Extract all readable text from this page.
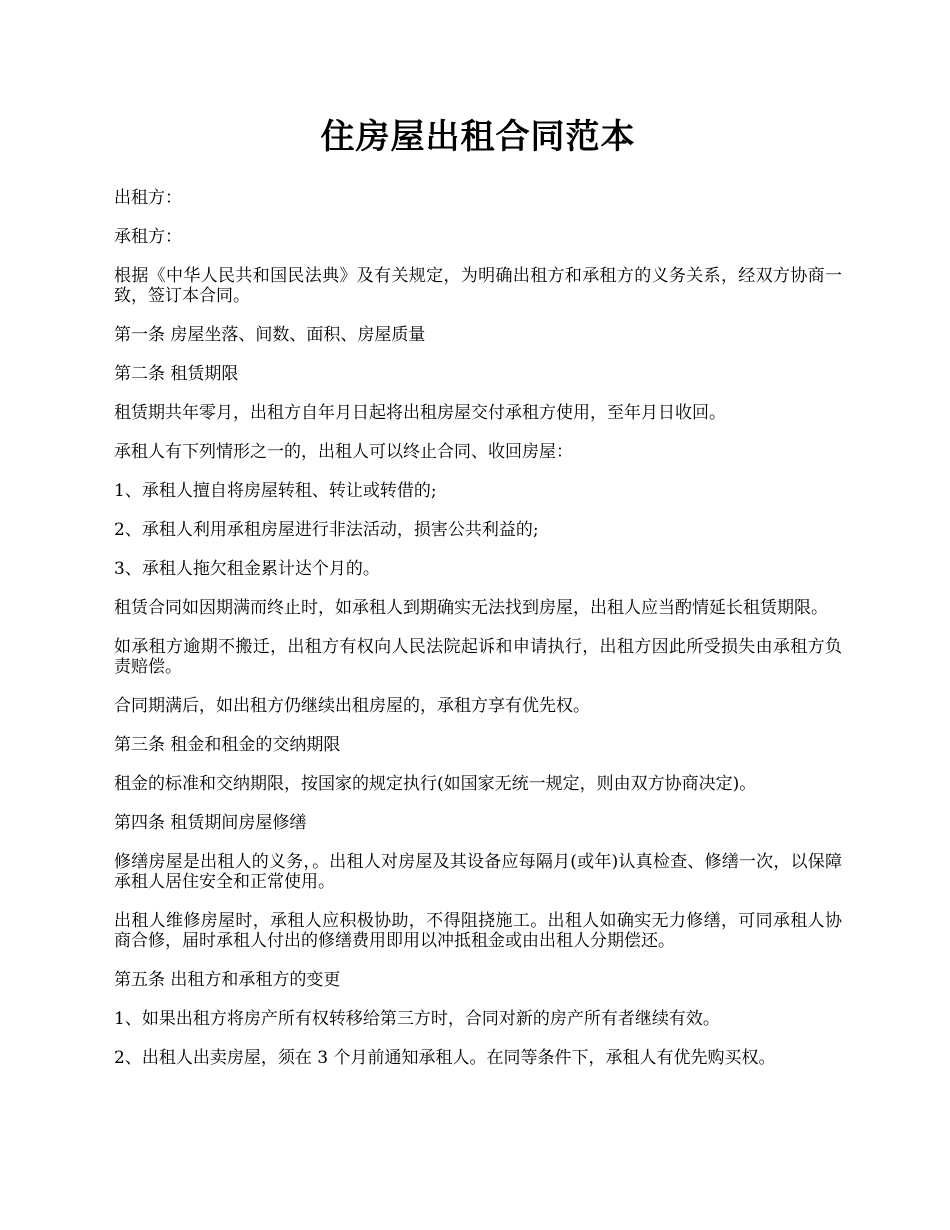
住房屋出租合同范本

出租方：

承租方：

根据《中华人民共和国民法典》及有关规定，为明确出租方和承租方的义务关系，经双方协商一致，签订本合同。

第一条 房屋坐落、间数、面积、房屋质量

第二条 租赁期限

租赁期共年零月，出租方自年月日起将出租房屋交付承租方使用，至年月日收回。

承租人有下列情形之一的，出租人可以终止合同、收回房屋：

1、承租人擅自将房屋转租、转让或转借的;

2、承租人利用承租房屋进行非法活动，损害公共利益的;

3、承租人拖欠租金累计达个月的。

租赁合同如因期满而终止时，如承租人到期确实无法找到房屋，出租人应当酌情延长租赁期限。

如承租方逾期不搬迁，出租方有权向人民法院起诉和申请执行，出租方因此所受损失由承租方负责赔偿。

合同期满后，如出租方仍继续出租房屋的，承租方享有优先权。

第三条 租金和租金的交纳期限

租金的标准和交纳期限，按国家的规定执行(如国家无统一规定，则由双方协商决定)。

第四条 租赁期间房屋修缮

修缮房屋是出租人的义务，。出租人对房屋及其设备应每隔月(或年)认真检查、修缮一次，以保障承租人居住安全和正常使用。

出租人维修房屋时，承租人应积极协助，不得阻挠施工。出租人如确实无力修缮，可同承租人协商合修，届时承租人付出的修缮费用即用以冲抵租金或由出租人分期偿还。

第五条 出租方和承租方的变更

1、如果出租方将房产所有权转移给第三方时，合同对新的房产所有者继续有效。

2、出租人出卖房屋，须在 3 个月前通知承租人。在同等条件下，承租人有优先购买权。
